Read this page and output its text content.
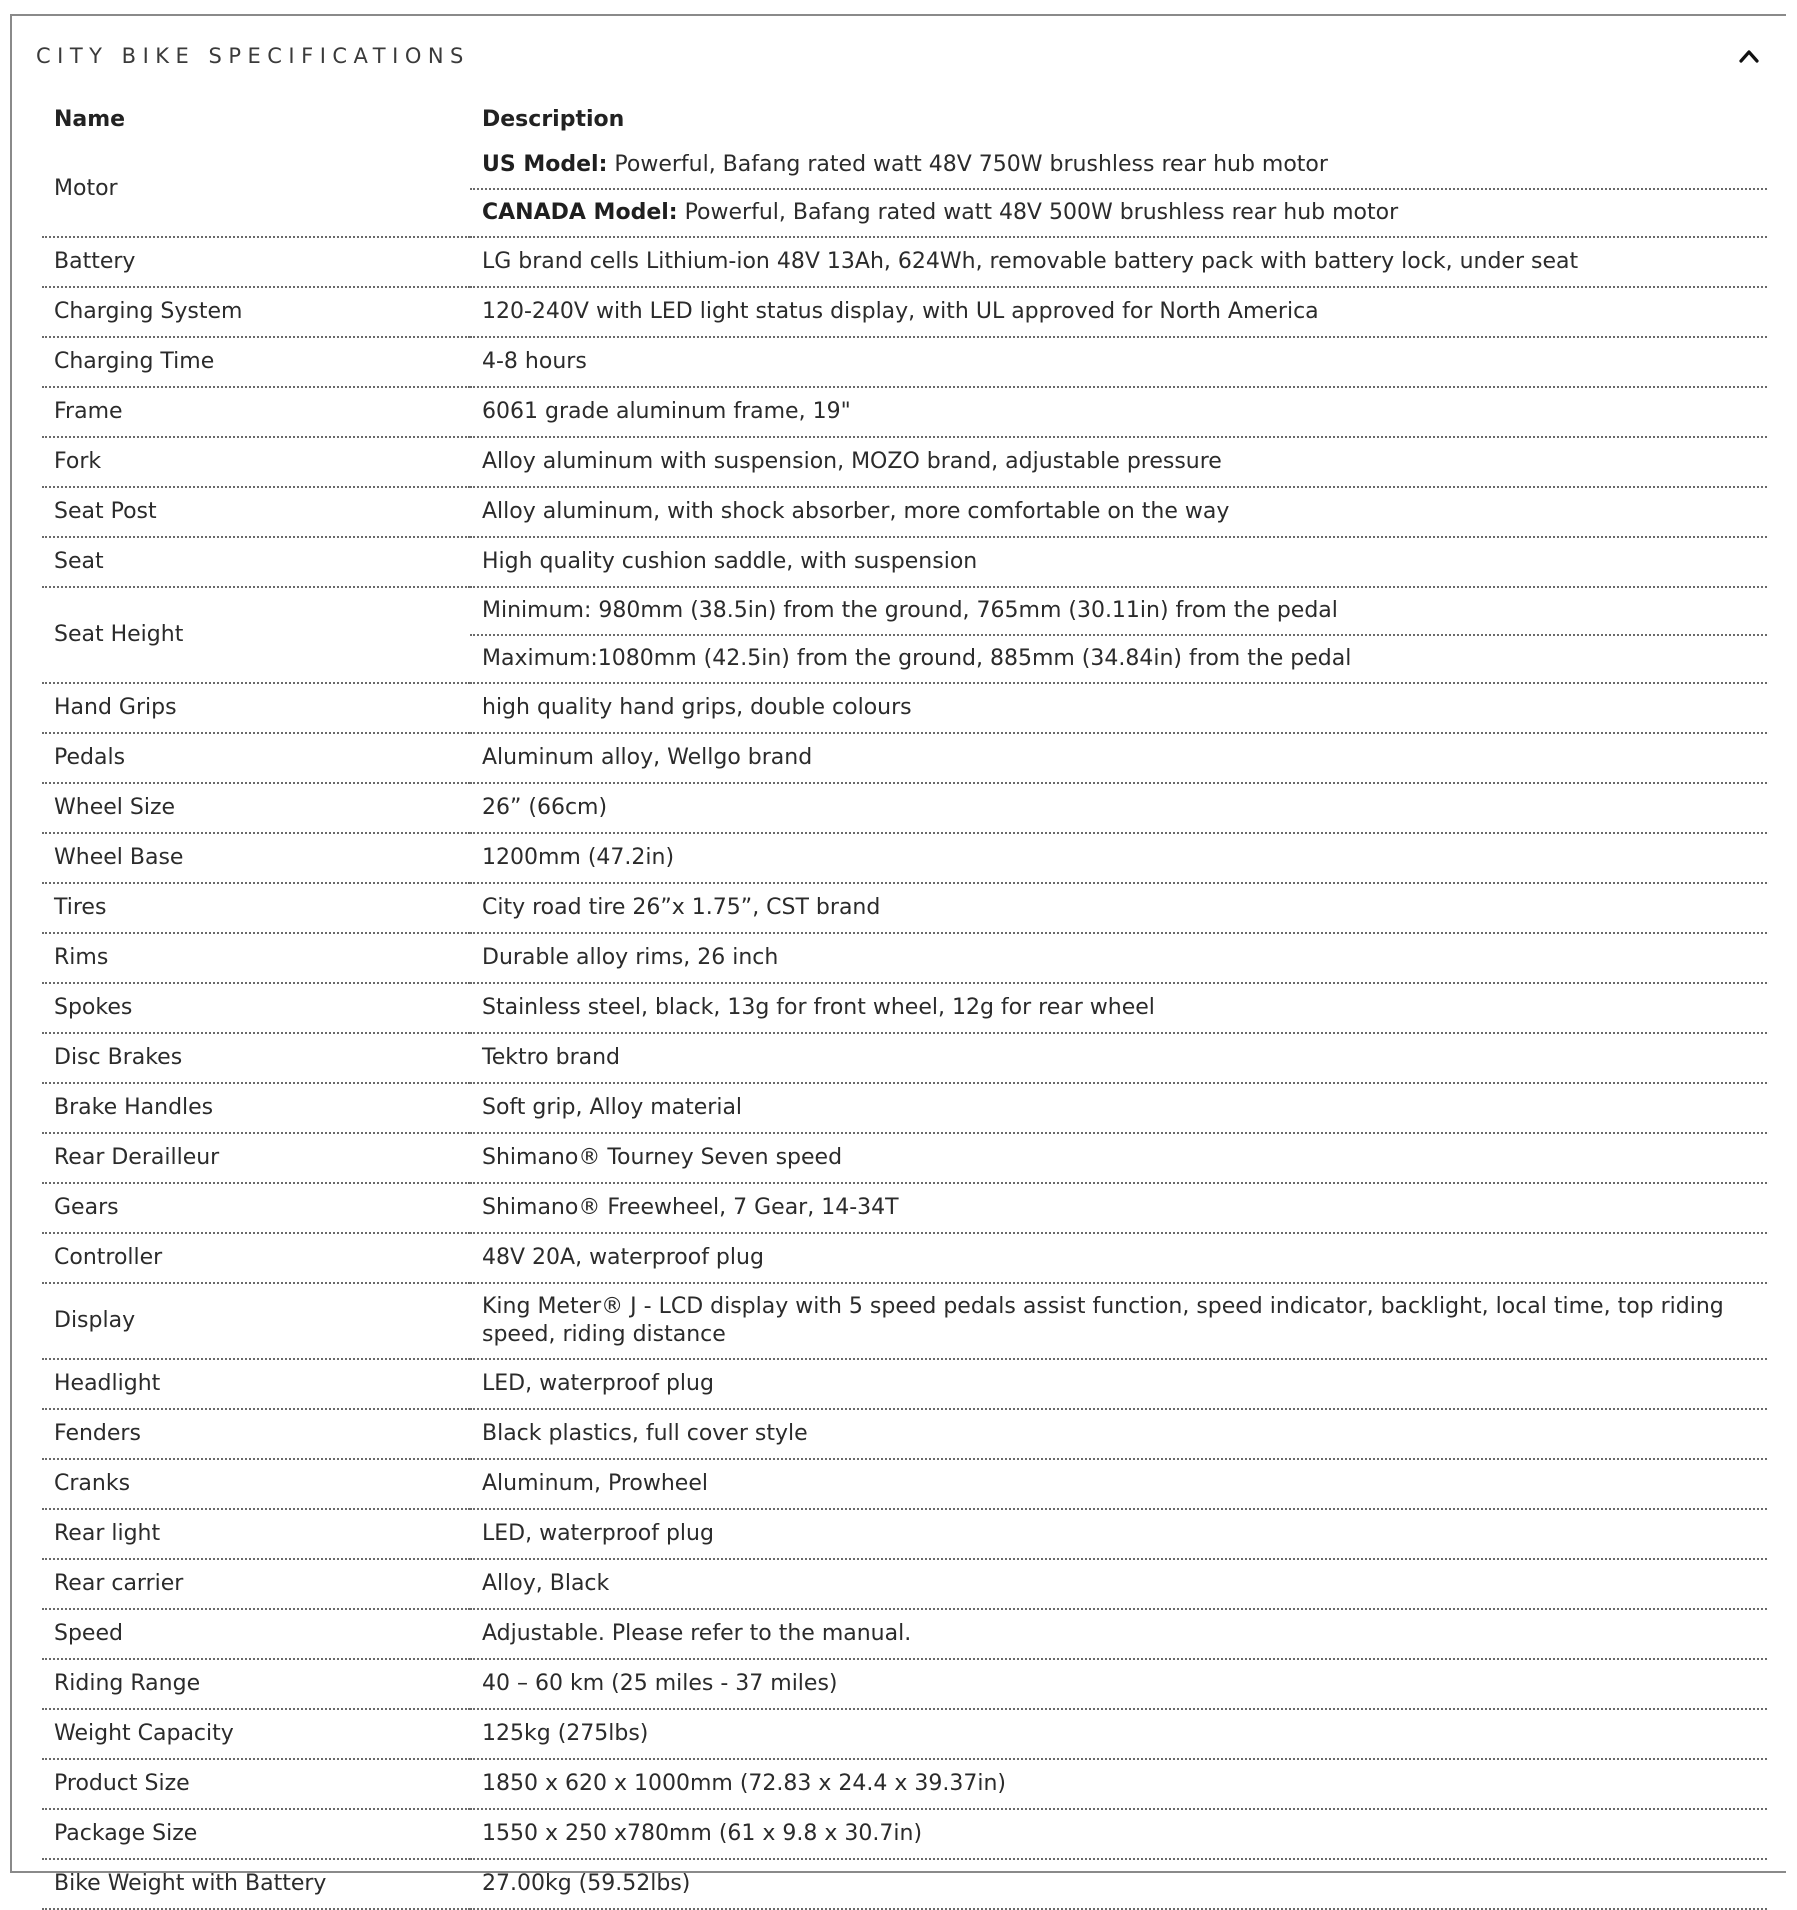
CITY BIKE SPECIFICATIONS
Name	Description
Motor	US Model: Powerful, Bafang rated watt 48V 750W brushless rear hub motor
	CANADA Model: Powerful, Bafang rated watt 48V 500W brushless rear hub motor
Battery	LG brand cells Lithium-ion 48V 13Ah, 624Wh, removable battery pack with battery lock, under seat
Charging System	120-240V with LED light status display, with UL approved for North America
Charging Time	4-8 hours
Frame	6061 grade aluminum frame, 19"
Fork	Alloy aluminum with suspension, MOZO brand, adjustable pressure
Seat Post	Alloy aluminum, with shock absorber, more comfortable on the way
Seat	High quality cushion saddle, with suspension
Seat Height	Minimum: 980mm (38.5in) from the ground, 765mm (30.11in) from the pedal
	Maximum:1080mm (42.5in) from the ground, 885mm (34.84in) from the pedal
Hand Grips	high quality hand grips, double colours
Pedals	Aluminum alloy, Wellgo brand
Wheel Size	26” (66cm)
Wheel Base	1200mm (47.2in)
Tires	City road tire 26”x 1.75”, CST brand
Rims	Durable alloy rims, 26 inch
Spokes	Stainless steel, black, 13g for front wheel, 12g for rear wheel
Disc Brakes	Tektro brand
Brake Handles	Soft grip, Alloy material
Rear Derailleur	Shimano® Tourney Seven speed
Gears	Shimano® Freewheel, 7 Gear, 14-34T
Controller	48V 20A, waterproof plug
Display	King Meter® J - LCD display with 5 speed pedals assist function, speed indicator, backlight, local time, top riding speed, riding distance
Headlight	LED, waterproof plug
Fenders	Black plastics, full cover style
Cranks	Aluminum, Prowheel
Rear light	LED, waterproof plug
Rear carrier	Alloy, Black
Speed	Adjustable. Please refer to the manual.
Riding Range	40 – 60 km (25 miles - 37 miles)
Weight Capacity	125kg (275lbs)
Product Size	1850 x 620 x 1000mm (72.83 x 24.4 x 39.37in)
Package Size	1550 x 250 x780mm (61 x 9.8 x 30.7in)
Bike Weight with Battery	27.00kg (59.52lbs)
